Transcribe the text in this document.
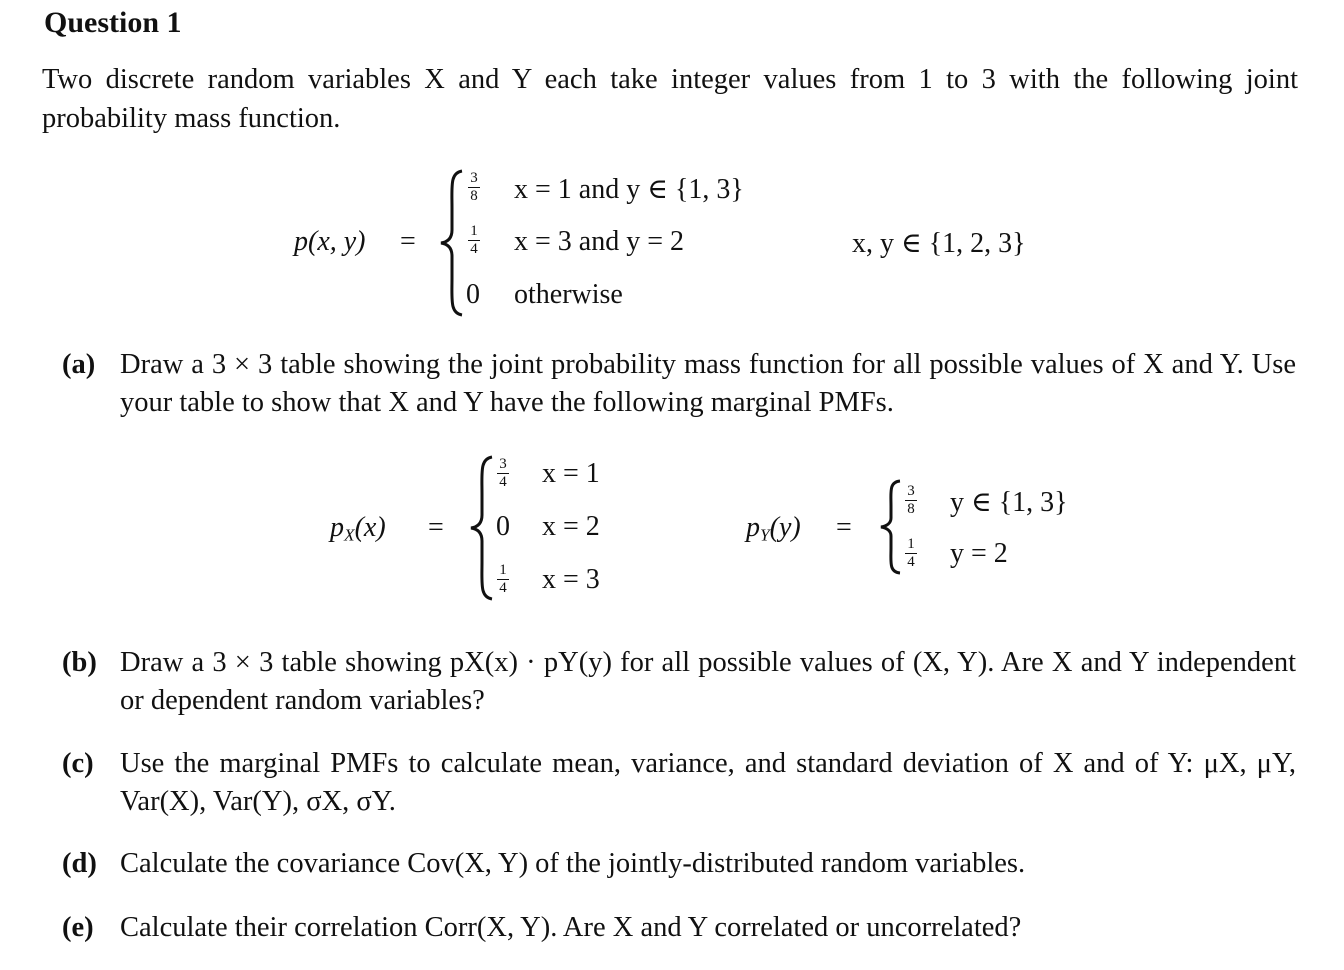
Question 1

Two discrete random variables X and Y each take integer values from 1 to 3 with the following joint probability mass function.

p(x, y) =
3
8 x = 1 and y ∈ {1, 3}
1
4 x = 3 and y = 2
0 otherwise
x, y ∈ {1, 2, 3}
(a) Draw a 3 × 3 table showing the joint probability mass function for all possible values of X and Y. Use your table to show that X and Y have the following marginal PMFs.
$p_X(x)$ =
3
4 x = 1
0 x = 2
1
4 x = 3
$p_Y(y)$ =
3
8 y ∈ {1, 3}
1
4 y = 2
(b) Draw a 3 × 3 table showing pX(x) · pY(y) for all possible values of (X, Y). Are X and Y independent or dependent random variables?
(c) Use the marginal PMFs to calculate mean, variance, and standard deviation of X and of Y: μX, μY, Var(X), Var(Y), σX, σY.
(d) Calculate the covariance Cov(X, Y) of the jointly-distributed random variables.
(e) Calculate their correlation Corr(X, Y). Are X and Y correlated or uncorrelated?
